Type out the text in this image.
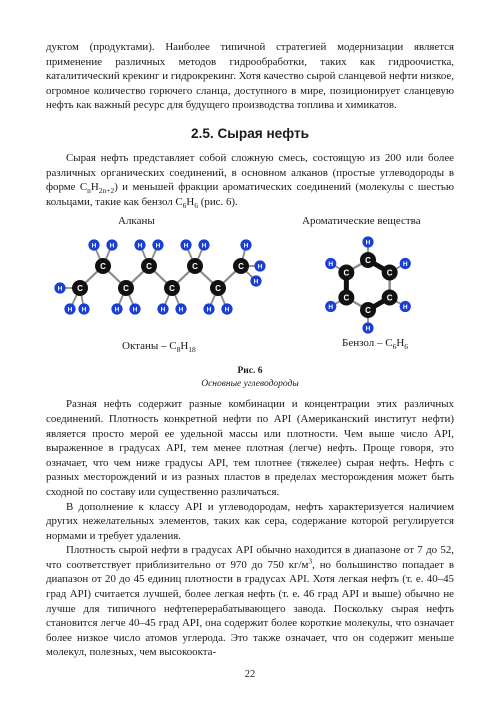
дуктом (продуктами). Наиболее типичной стратегией модернизации является применение различных методов гидрообработки, таких как гидроочистка, каталитический крекинг и гидрокрекинг. Хотя качество сырой сланцевой нефти низкое, огромное количество горючего сланца, доступного в мире, позиционирует сланцевую нефть как важный ресурс для будущего производства топлива и химикатов.

2.5. Сырая нефть

Сырая нефть представляет собой сложную смесь, состоящую из 200 или более различных органических соединений, в основном алканов (простые углеводороды в форме $C_nH_{2n+2}$) и меньшей фракции ароматических соединений (молекулы с шестью кольцами, такие как бензол $C_6H_6$ (рис. 6).

Алканы	Ароматические вещества
H
H H
H
H
H
H H
H H
H H
H H
H H
H H
C
C
C
C
C
C
C
C
H
H
H
H
H
H	C
C
C
C
C
C
Октаны – $C_8H_{18}$
Бензол – $C_6H_6$

Рис. 6

Основные углеводороды

Разная нефть содержит разные комбинации и концентрации этих различных соединений. Плотность конкретной нефти по API (Американский институт нефти) является просто мерой ее удельной массы или плотности. Чем выше число API, выраженное в градусах API, тем менее плотная (легче) нефть. Проще говоря, это означает, что чем ниже градусы API, тем плотнее (тяжелее) сырая нефть. Нефть с разных месторождений и из разных пластов в пределах месторождения может быть сходной по составу или существенно различаться.

В дополнение к классу API и углеводородам, нефть характеризуется наличием других нежелательных элементов, таких как сера, содержание которой регулируется нормами и требует удаления.

Плотность сырой нефти в градусах API обычно находится в диапазоне от 7 до 52, что соответствует приблизительно от 970 до 750 $кг/м^3$, но большинство попадает в диапазон от 20 до 45 единиц плотности в градусах API. Хотя легкая нефть (т. е. 40–45 град API) считается лучшей, более легкая нефть (т. е. 46 град API и выше) обычно не лучше для типичного нефтеперерабатывающего завода. Поскольку сырая нефть становится легче 40–45 град API, она содержит более короткие молекулы, что означает более низкое число атомов углерода. Это также означает, что он содержит меньше молекул, полезных, чем высокоокта-

22
